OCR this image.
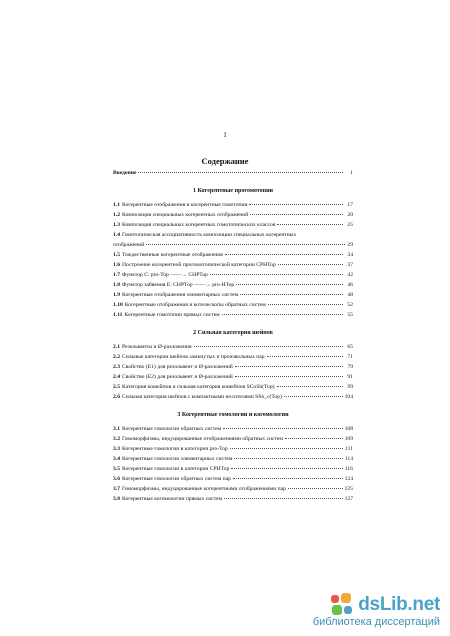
1
Содержание
Введение	1
1 Когерентные прогомотопии
1.1 Когерентные отображения и когерентные гомотопии	17
1.2 Композиция специальных когерентных отображений	20
1.3 Композиция специальных когерентных гомотопических классов	25
1.4 Гомотопическая ассоциативность композиции специальных когерентных
отображений	29
1.5 Тождественные когерентные отображения	34
1.6 Построение когерентной прогомотопической категории CPHTop	37
1.7 Функтор C: pro-Top ——→ CHPTop	42
1.8 Функтор забвения E: CHPTop ——→ pro-HTop	46
1.9 Когерентные отображения элементарных систем	48
1.10 Когерентные отображения и котелескопы обратных систем	52
1.11 Когерентные гомотопии прямых систем	55
2 Сильная категория шейпов
2.1 Резольвенты и Ø-разложения	65
2.2 Сильные категории шейпов замкнутых и произвольных пар	71
2.3 Свойство (E1) для резольвент и Ø-разложений	79
2.4 Свойство (E2) для резольвент и Ø-разложений	91
2.5 Категория кошейпов и сильная категория кошейпов SCoSh(Top)	99
2.6 Сильная категория шейпов с компактными носителями SSh_c(Top)	104
3 Когерентные гомологии и когомологии
3.1 Когерентные гомологии обратных систем	108
3.2 Гомоморфизмы, индуцированные отображениями обратных систем	109
3.3 Когерентные гомологии в категории pro-Top	111
3.4 Когерентные гомологии элементарных систем	114
3.5 Когерентные гомологии в категории CPHTop	116
3.6 Когерентные гомологии обратных систем пар	124
3.7 Гомоморфизмы, индуцированные когерентными отображениями пар	125
3.8 Когерентные когомологии прямых систем	127
dsLib.net
библиотека диссертаций
